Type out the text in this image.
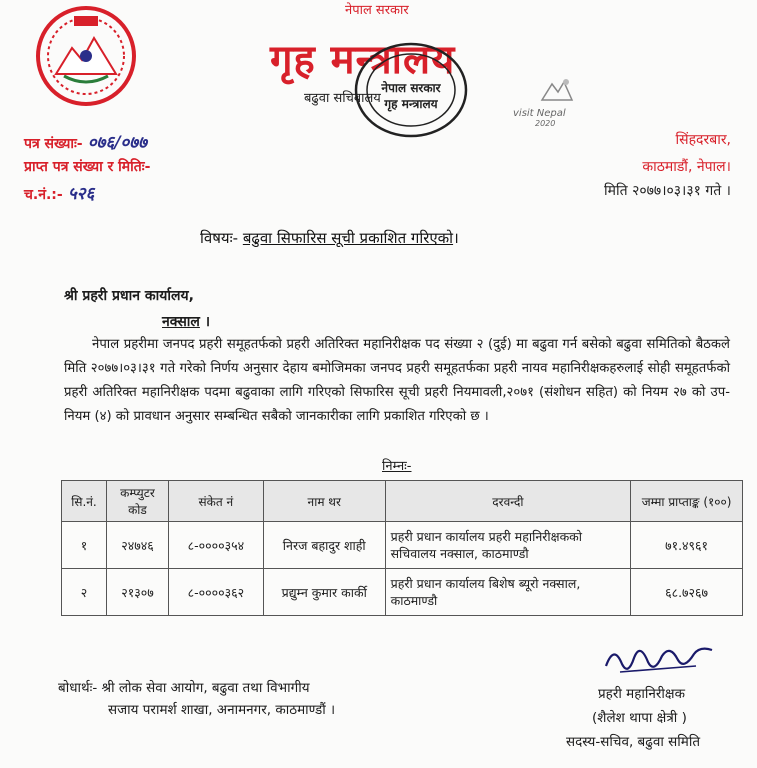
नेपाल सरकार
गृह मन्त्रालय
बढुवा सचिवालय
नेपाल सरकार
गृह मन्त्रालय
visit Nepal
2020
पत्र संख्याः- ०७६/०७७
प्राप्त पत्र संख्या र मितिः-
च.नं.:- ५२६
सिंहदरबार,
काठमाडौं, नेपाल।
मिति २०७७।०३।३१ गते ।
विषयः- बढुवा सिफारिस सूची प्रकाशित गरिएको।
श्री प्रहरी प्रधान कार्यालय,
नक्साल ।
नेपाल प्रहरीमा जनपद प्रहरी समूहतर्फको प्रहरी अतिरिक्त महानिरीक्षक पद संख्या २ (दुई) मा बढुवा गर्न बसेको बढुवा समितिको बैठकले मिति २०७७।०३।३१ गते गरेको निर्णय अनुसार देहाय बमोजिमका जनपद प्रहरी समूहतर्फका प्रहरी नायव महानिरीक्षकहरुलाई सोही समूहतर्फको प्रहरी अतिरिक्त महानिरीक्षक पदमा बढुवाका लागि गरिएको सिफारिस सूची प्रहरी नियमावली,२०७१ (संशोधन सहित) को नियम २७ को उप-नियम (४) को प्रावधान अनुसार सम्बन्धित सबैको जानकारीका लागि प्रकाशित गरिएको छ ।
निम्नः-
सि.नं.	कम्प्युटर कोड	संकेत नं	नाम थर	दरवन्दी	जम्मा प्राप्ताङ्क (१००)
१	२४७४६	८-००००३५४	निरज बहादुर शाही	प्रहरी प्रधान कार्यालय प्रहरी महानिरीक्षकको सचिवालय नक्साल, काठमाण्डौ	७१.४९६१
२	२१३०७	८-००००३६२	प्रद्युम्न कुमार कार्की	प्रहरी प्रधान कार्यालय बिशेष ब्यूरो नक्साल, काठमाण्डौ	६८.७२६७
बोधार्थः- श्री लोक सेवा आयोग, बढुवा तथा विभागीय
सजाय परामर्श शाखा, अनामनगर, काठमाण्डौं ।
प्रहरी महानिरीक्षक
(शैलेश थापा क्षेत्री )
सदस्य-सचिव, बढुवा समिति
